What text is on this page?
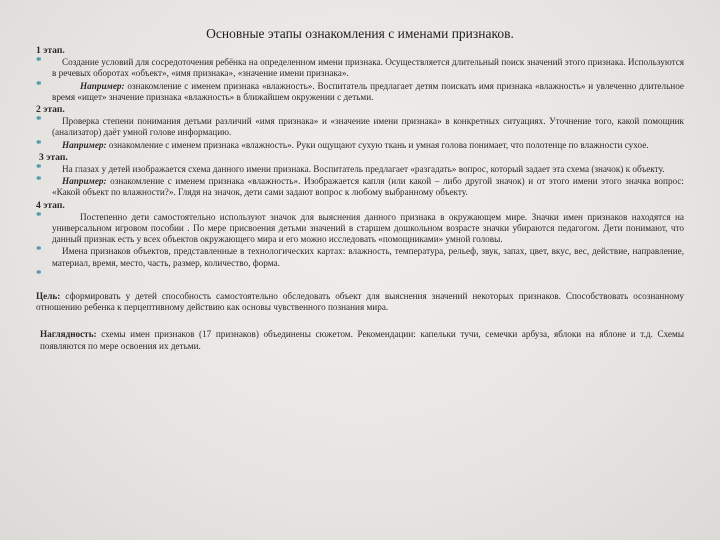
Основные этапы ознакомления с именами признаков.
1 этап.
* Создание условий для сосредоточения ребёнка на определенном имени признака. Осуществляется длительный поиск значений этого признака. Используются в речевых оборотах «объект», «имя признака», «значение имени признака».
*	Например: ознакомление с именем признака «влажность». Воспитатель предлагает детям поискать имя признака «влажность» и увлеченно длительное время «ищет» значение признака «влажность» в ближайшем окружении с детьми.
2 этап.
* Проверка степени понимания детьми различий «имя признака» и «значение имени признака» в конкретных ситуациях. Уточнение того, какой помощник (анализатор) даёт умной голове информацию.
* Например: ознакомление с именем признака «влажность». Руки ощущают сухую ткань и умная голова понимает, что полотенце по влажности сухое.
3 этап.
* На глазах у детей изображается схема данного имени признака. Воспитатель предлагает «разгадать» вопрос, который задает эта схема (значок) к объекту.
* Например: ознакомление с именем признака «влажность». Изображается капля (или какой – либо другой значок) и от этого имени этого значка вопрос: «Какой объект по влажности?». Глядя на значок, дети сами задают вопрос к любому выбранному объекту.
4 этап.
*	Постепенно дети самостоятельно используют значок для выяснения данного признака в окружающем мире. Значки имен признаков находятся на универсальном игровом пособии . По мере присвоения детьми значений в старшем дошкольном возрасте значки убираются педагогом. Дети понимают, что данный признак есть у всех объектов окружающего мира и его можно исследовать «помощниками» умной головы.
* Имена признаков объектов, представленные в технологических картах: влажность, температура, рельеф, звук, запах, цвет, вкус, вес, действие, направление, материал, время, место, часть, размер, количество, форма.
*

Цель: сформировать у детей способность самостоятельно обследовать объект для выяснения значений некоторых признаков. Способствовать осознанному отношению ребенка к перцептивному действию как основы чувственного познания мира.
Наглядность: схемы имен признаков (17 признаков) объединены сюжетом. Рекомендации: капельки тучи, семечки арбуза, яблоки на яблоне и т.д. Схемы появляются по мере освоения их детьми.
